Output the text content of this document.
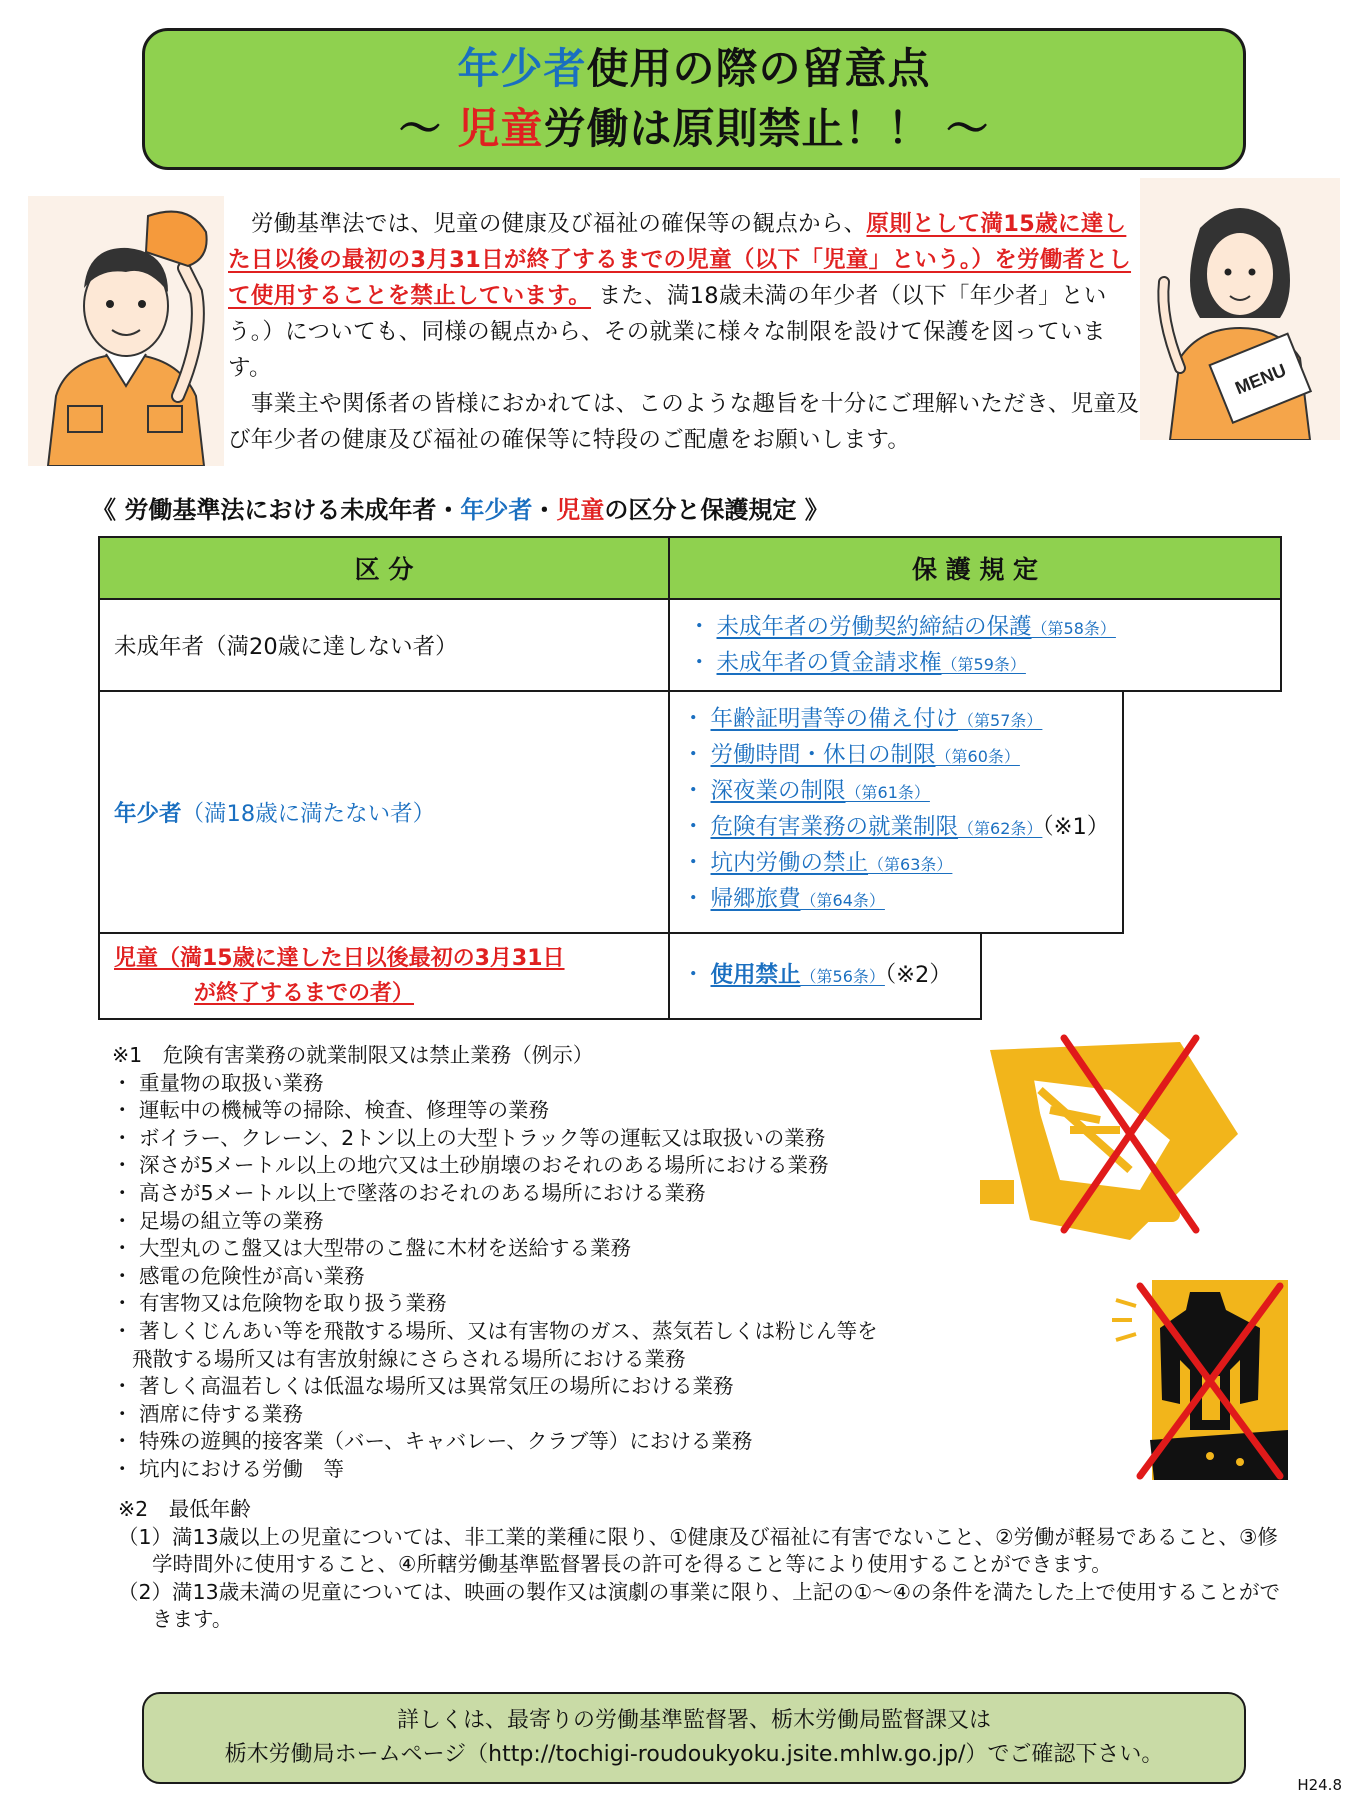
年少者使用の際の留意点
～ 児童労働は原則禁止！！ ～
MENU

　労働基準法では、児童の健康及び福祉の確保等の観点から、原則として満15歳に達した日以後の最初の3月31日が終了するまでの児童（以下「児童」という。）を労働者として使用することを禁止しています。 また、満18歳未満の年少者（以下「年少者」という。）についても、同様の観点から、その就業に様々な制限を設けて保護を図っています。

　事業主や関係者の皆様におかれては、このような趣旨を十分にご理解いただき、児童及び年少者の健康及び福祉の確保等に特段のご配慮をお願いします。

《 労働基準法における未成年者・年少者・児童の区分と保護規定 》
区 分	保 護 規 定
未成年者（満20歳に達しない者）
・ 未成年者の労働契約締結の保護（第58条）
・ 未成年者の賃金請求権（第59条）
年少者 （満18歳に満たない者）
・ 年齢証明書等の備え付け（第57条）
・ 労働時間・休日の制限（第60条）
・ 深夜業の制限（第61条）
・ 危険有害業務の就業制限（第62条）（※1）
・ 坑内労働の禁止（第63条）
・ 帰郷旅費（第64条）
児童（満15歳に達した日以後最初の3月31日
が終了するまでの者）
・ 使用禁止（第56条）（※2）
※1　危険有害業務の就業制限又は禁止業務（例示）
・ 重量物の取扱い業務
・ 運転中の機械等の掃除、検査、修理等の業務
・ ボイラー、クレーン、2トン以上の大型トラック等の運転又は取扱いの業務
・ 深さが5メートル以上の地穴又は土砂崩壊のおそれのある場所における業務
・ 高さが5メートル以上で墜落のおそれのある場所における業務
・ 足場の組立等の業務
・ 大型丸のこ盤又は大型帯のこ盤に木材を送給する業務
・ 感電の危険性が高い業務
・ 有害物又は危険物を取り扱う業務
・ 著しくじんあい等を飛散する場所、又は有害物のガス、蒸気若しくは粉じん等を
飛散する場所又は有害放射線にさらされる場所における業務
・ 著しく高温若しくは低温な場所又は異常気圧の場所における業務
・ 酒席に侍する業務
・ 特殊の遊興的接客業（バー、キャバレー、クラブ等）における業務
・ 坑内における労働　等
※2　最低年齢
（1）満13歳以上の児童については、非工業的業種に限り、①健康及び福祉に有害でないこと、②労働が軽易であること、③修学時間外に使用すること、④所轄労働基準監督署長の許可を得ること等により使用することができます。
（2）満13歳未満の児童については、映画の製作又は演劇の事業に限り、上記の①～④の条件を満たした上で使用することができます。
詳しくは、最寄りの労働基準監督署、栃木労働局監督課又は
栃木労働局ホームページ（http://tochigi-roudoukyoku.jsite.mhlw.go.jp/）でご確認下さい。
H24.8
